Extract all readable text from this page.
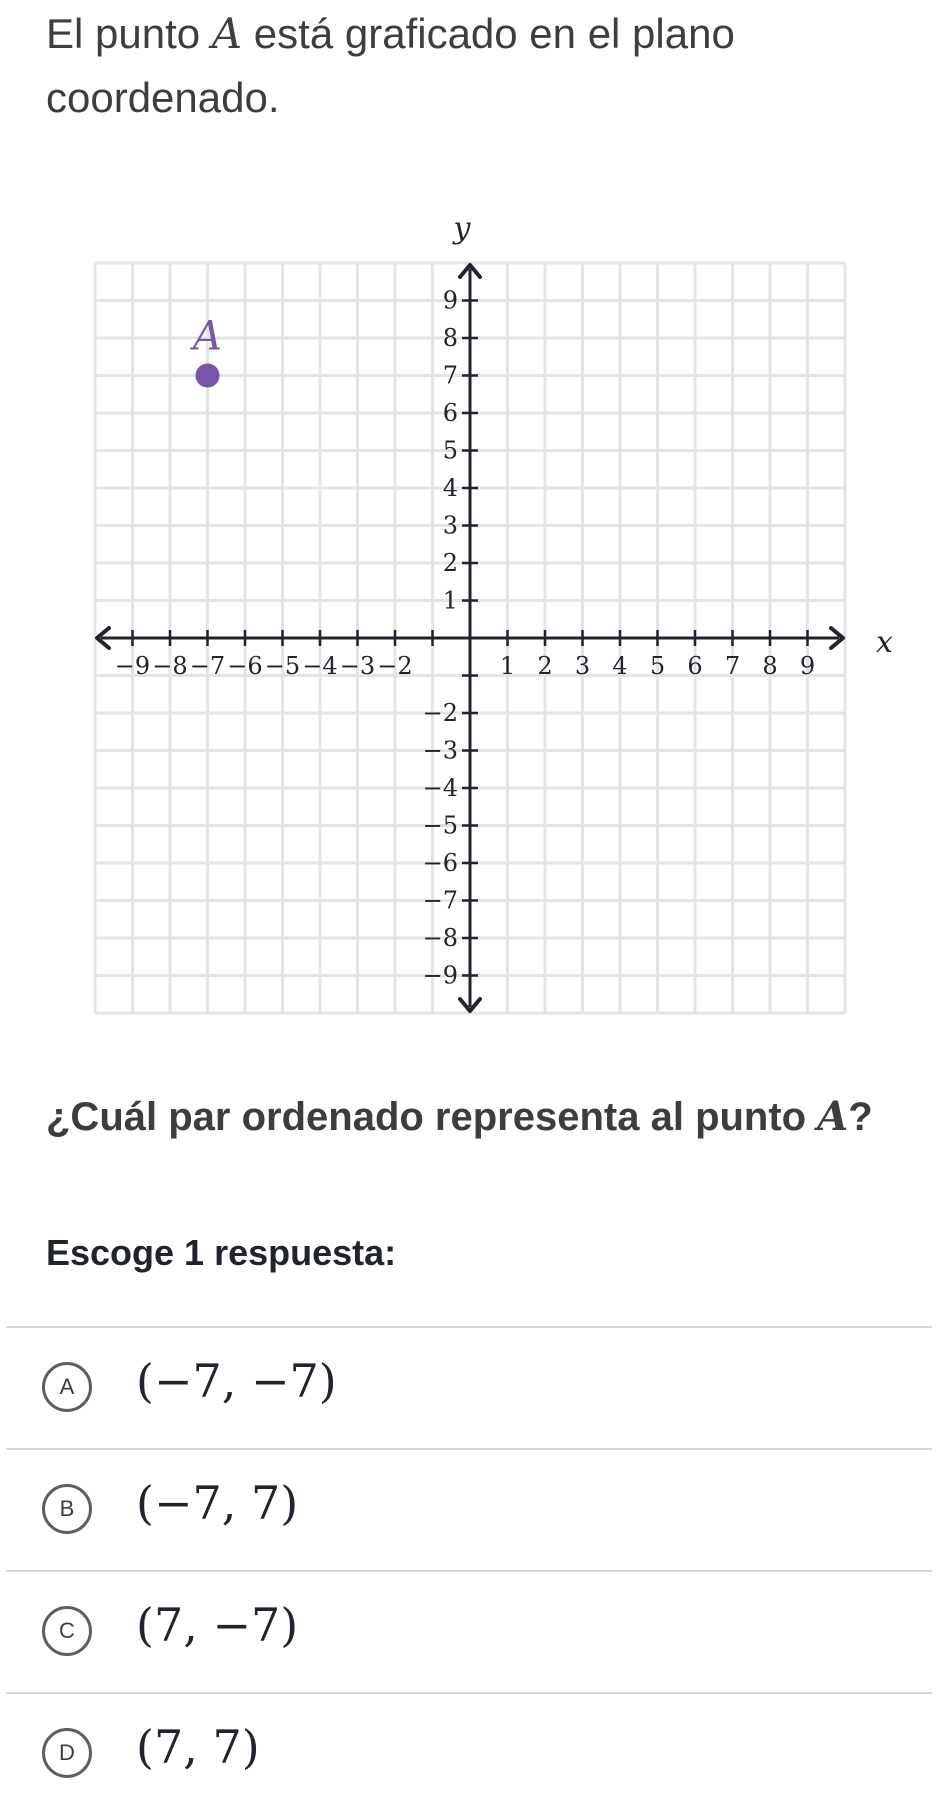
El punto A está graficado en el plano coordenado.
−9 −8 −7 −6 −5 −4 −3 −2	1 2 3 4 5 6 7 8 9
9
8
7
6
5
4
3
2
1
−2
−3
−4
−5
−6
−7
−8
−9
x
y
A
¿Cuál par ordenado representa al punto A?
Escoge 1 respuesta:
A	(−7, −7)
B	(−7, 7)
C	(7, −7)
D	(7, 7)
